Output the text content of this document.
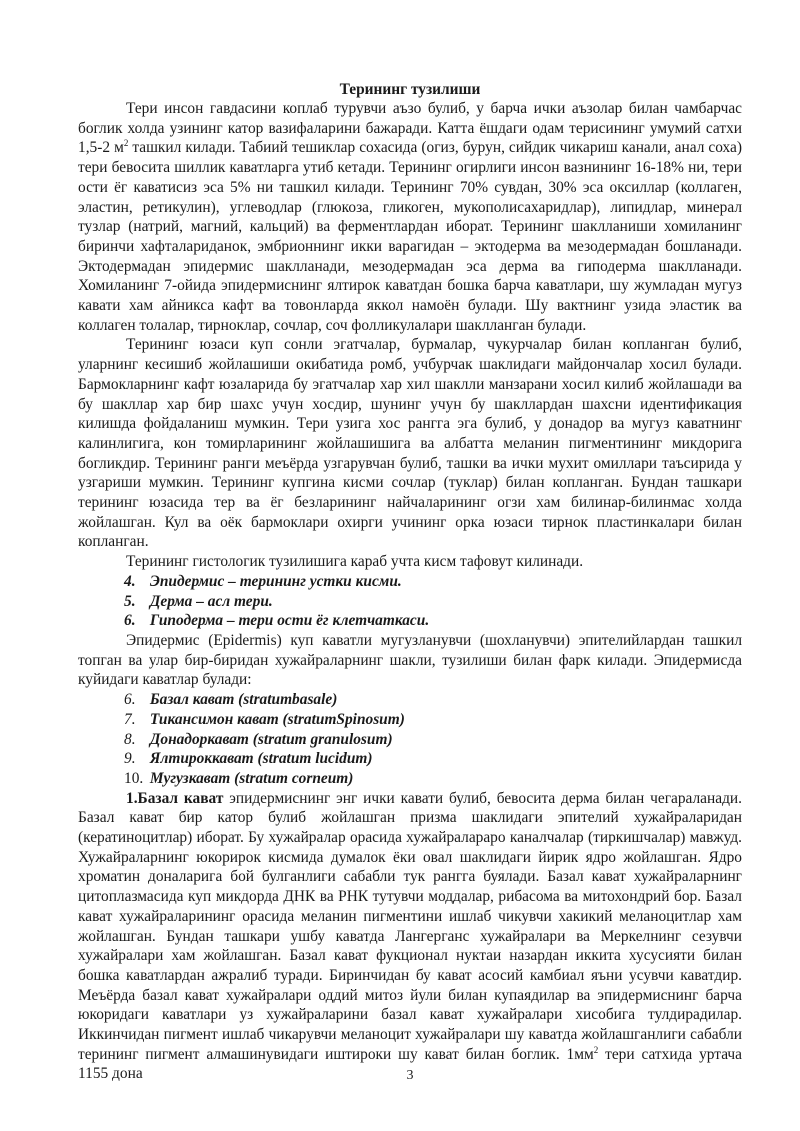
Терининг тузилиши

Тери инсон гавдасини коплаб турувчи аъзо булиб, у барча ички аъзолар билан чамбарчас боглик холда узининг катор вазифаларини бажаради. Катта ёшдаги одам терисининг умумий сатхи 1,5-2 $м^2$ ташкил килади. Табиий тешиклар сохасида (огиз, бурун, сийдик чикариш канали, анал соха) тери бевосита шиллик каватларга утиб кетади. Терининг огирлиги инсон вазнининг 16-18% ни, тери ости ёг каватисиз эса 5% ни ташкил килади. Терининг 70% сувдан, 30% эса оксиллар (коллаген, эластин, ретикулин), углеводлар (глюкоза, гликоген, мукополисахаридлар), липидлар, минерал тузлар (натрий, магний, кальций) ва ферментлардан иборат. Терининг шаклланиши хомиланинг биринчи хафталариданок, эмбрионнинг икки варагидан – эктодерма ва мезодермадан бошланади. Эктодермадан эпидермис шаклланади, мезодермадан эса дерма ва гиподерма шаклланади. Хомиланинг 7-ойида эпидермиснинг ялтирок каватдан бошка барча каватлари, шу жумладан мугуз кавати хам айникса кафт ва товонларда яккол намоён булади. Шу вактнинг узида эластик ва коллаген толалар, тирноклар, сочлар, соч фолликулалари шаклланган булади.

Терининг юзаси куп сонли эгатчалар, бурмалар, чукурчалар билан копланган булиб, уларнинг кесишиб жойлашиши окибатида ромб, учбурчак шаклидаги майдончалар хосил булади. Бармокларнинг кафт юзаларида бу эгатчалар хар хил шаклли манзарани хосил килиб жойлашади ва бу шакллар хар бир шахс учун хосдир, шунинг учун бу шакллардан шахсни идентификация килишда фойдаланиш мумкин. Тери узига хос рангга эга булиб, у донадор ва мугуз каватнинг калинлигига, кон томирларининг жойлашишига ва албатта меланин пигментининг микдорига богликдир. Терининг ранги меъёрда узгарувчан булиб, ташки ва ички мухит омиллари таъсирида у узгариши мумкин. Терининг купгина кисми сочлар (туклар) билан копланган. Бундан ташкари терининг юзасида тер ва ёг безларининг найчаларининг огзи хам билинар-билинмас холда жойлашган. Кул ва оёк бармоклари охирги учининг орка юзаси тирнок пластинкалари билан копланган.

Терининг гистологик тузилишига караб учта кисм тафовут килинади.

4. Эпидермис – терининг устки кисми.
5. Дерма – асл тери.
6. Гиподерма – тери ости ёг клетчаткаси.

Эпидермис (Epidermis) куп каватли мугузланувчи (шохланувчи) эпителийлардан ташкил топган ва улар бир-биридан хужайраларнинг шакли, тузилиши билан фарк килади. Эпидермисда куйидаги каватлар булади:

6. Базал кават (stratumbasale)
7. Тикансимон кават (stratumSpinosum)
8. Донадоркават (stratum granulosum)
9. Ялтироккават (stratum lucidum)
10. Мугузкават (stratum corneum)

1.Базал кават эпидермиснинг энг ички кавати булиб, бевосита дерма билан чегараланади. Базал кават бир катор булиб жойлашган призма шаклидаги эпителий хужайраларидан (кератиноцитлар) иборат. Бу хужайралар орасида хужайралараро каналчалар (тиркишчалар) мавжуд. Хужайраларнинг юкорирок кисмида думалок ёки овал шаклидаги йирик ядро жойлашган. Ядро хроматин доналарига бой булганлиги сабабли тук рангга буялади. Базал кават хужайраларнинг цитоплазмасида куп микдорда ДНК ва РНК тутувчи моддалар, рибасома ва митохондрий бор. Базал кават хужайраларининг орасида меланин пигментини ишлаб чикувчи хакикий меланоцитлар хам жойлашган. Бундан ташкари ушбу каватда Лангерганс хужайралари ва Меркелнинг сезувчи хужайралари хам жойлашган. Базал кават фукционал нуктаи назардан иккита хусусияти билан бошка каватлардан ажралиб туради. Биринчидан бу кават асосий камбиал яъни усувчи каватдир. Меъёрда базал кават хужайралари оддий митоз йули билан купаядилар ва эпидермиснинг барча юкоридаги каватлари уз хужайраларини базал кават хужайралари хисобига тулдирадилар. Иккинчидан пигмент ишлаб чикарувчи меланоцит хужайралари шу каватда жойлашганлиги сабабли терининг пигмент алмашинувидаги иштироки шу кават билан боглик. $1мм^2$ тери сатхида уртача 1155 дона	3
